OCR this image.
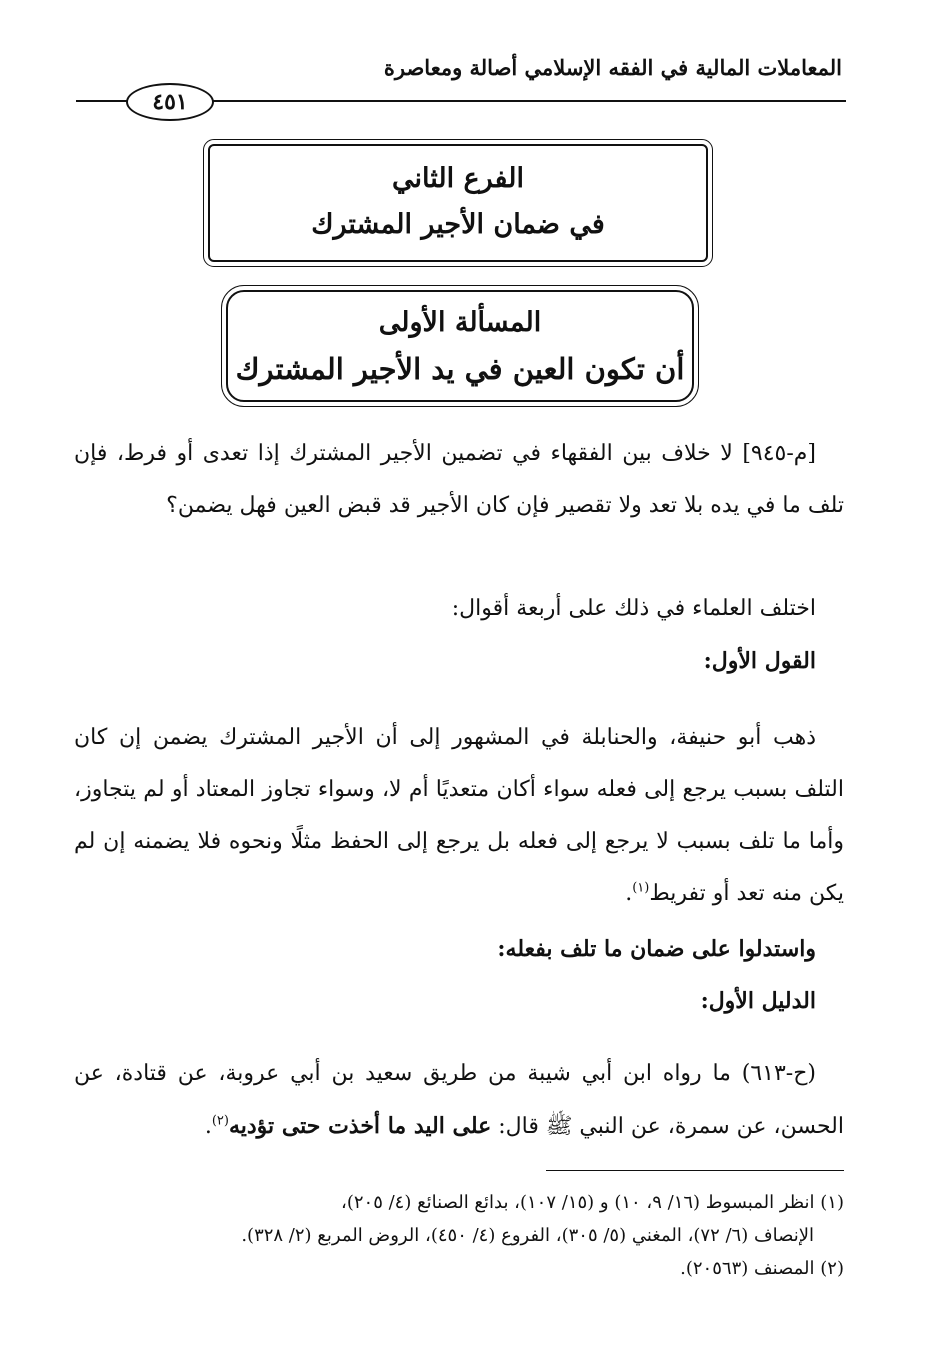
المعاملات المالية في الفقه الإسلامي أصالة ومعاصرة
٤٥١
الفرع الثاني
في ضمان الأجير المشترك
المسألة الأولى
أن تكون العين في يد الأجير المشترك

[م-٩٤٥] لا خلاف بين الفقهاء في تضمين الأجير المشترك إذا تعدى أو فرط، فإن تلف ما في يده بلا تعد ولا تقصير فإن كان الأجير قد قبض العين فهل يضمن؟

اختلف العلماء في ذلك على أربعة أقوال:

القول الأول:

ذهب أبو حنيفة، والحنابلة في المشهور إلى أن الأجير المشترك يضمن إن كان التلف بسبب يرجع إلى فعله سواء أكان متعديًا أم لا، وسواء تجاوز المعتاد أو لم يتجاوز، وأما ما تلف بسبب لا يرجع إلى فعله بل يرجع إلى الحفظ مثلًا ونحوه فلا يضمنه إن لم يكن منه تعد أو تفريط$^{(١)}$.

واستدلوا على ضمان ما تلف بفعله:

الدليل الأول:

(ح-٦١٣) ما رواه ابن أبي شيبة من طريق سعيد بن أبي عروبة، عن قتادة، عن الحسن، عن سمرة، عن النبي ﷺ قال: على اليد ما أخذت حتى تؤديه$^{(٢)}$.

(١) انظر المبسوط (١٦/ ٩، ١٠) و (١٥/ ١٠٧)، بدائع الصنائع (٤/ ٢٠٥)،

الإنصاف (٦/ ٧٢)، المغني (٥/ ٣٠٥)، الفروع (٤/ ٤٥٠)، الروض المربع (٢/ ٣٢٨).

(٢) المصنف (٢٠٥٦٣).
